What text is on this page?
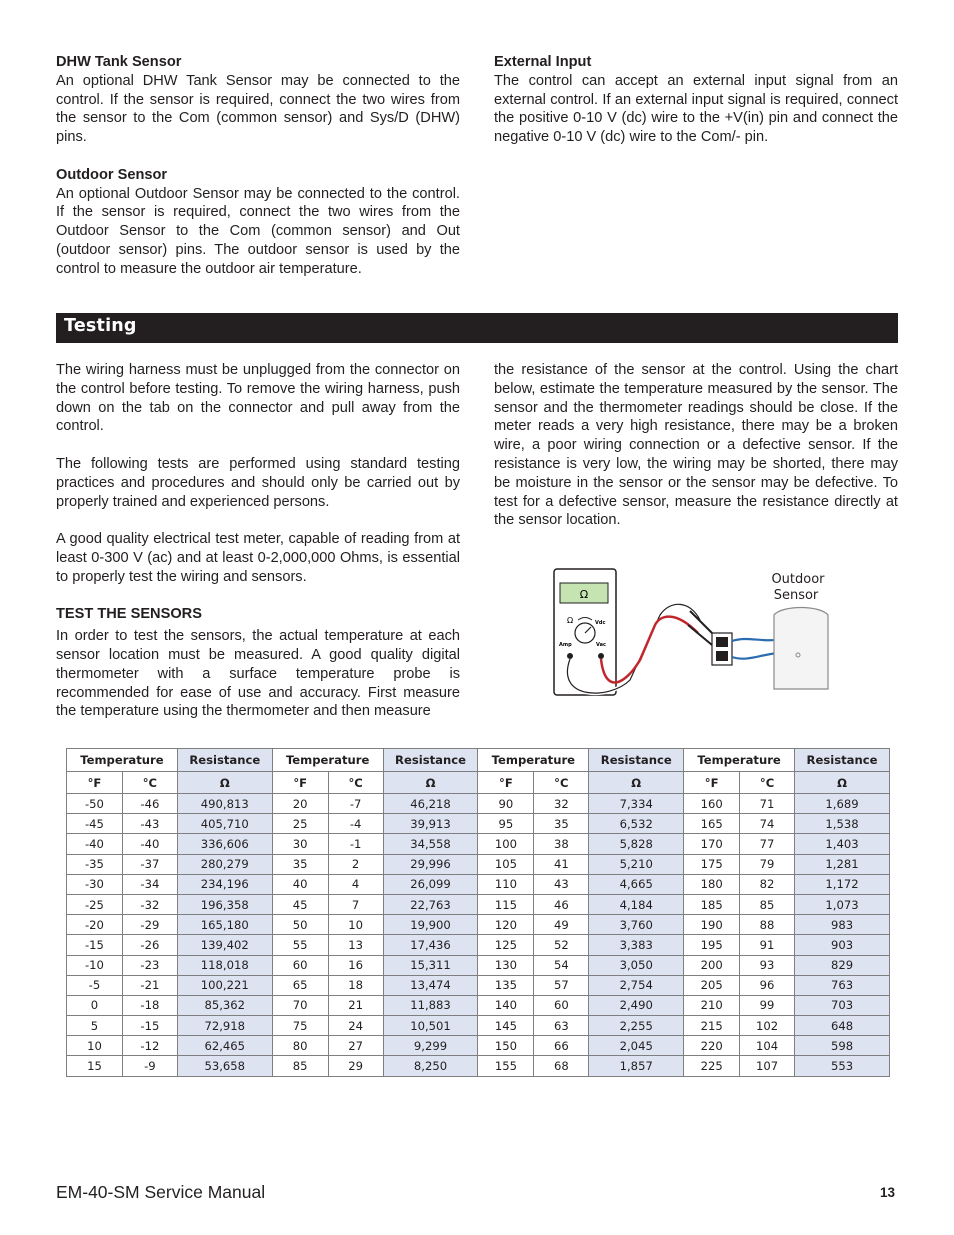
DHW Tank Sensor

An optional DHW Tank Sensor may be connected to the control. If the sensor is required, connect the two wires from the sensor to the Com (common sensor) and Sys/D (DHW) pins.

Outdoor Sensor

An optional Outdoor Sensor may be connected to the control. If the sensor is required, connect the two wires from the Outdoor Sensor to the Com (common sensor) and Out (outdoor sensor) pins. The outdoor sensor is used by the control to measure the outdoor air temperature.

External Input

The control can accept an external input signal from an external control. If an external input signal is required, connect the positive 0-10 V (dc) wire to the +V(in) pin and connect the negative 0-10 V (dc) wire to the Com/- pin.

Testing

The wiring harness must be unplugged from the connector on the control before testing. To remove the wiring harness, push down on the tab on the connector and pull away from the control.

The following tests are performed using standard testing practices and procedures and should only be carried out by properly trained and experienced persons.

A good quality electrical test meter, capable of reading from at least 0-300 V (ac) and at least 0-2,000,000 Ohms, is essential to properly test the wiring and sensors.

TEST THE SENSORS

In order to test the sensors, the actual temperature at each sensor location must be measured. A good quality digital thermometer with a surface temperature probe is recommended for ease of use and accuracy. First measure the temperature using the thermometer and then measure

the resistance of the sensor at the control. Using the chart below, estimate the temperature measured by the sensor. The sensor and the thermometer readings should be close. If the meter reads a very high resistance, there may be a broken wire, a poor wiring connection or a defective sensor. If the resistance is very low, the wiring may be shorted, there may be moisture in the sensor or the sensor may be defective. To test for a defective sensor, measure the resistance directly at the sensor location.

Ω
Ω	Vdc
Amp	Vac
Outdoor
Sensor
Temperature		Resistance	Temperature		Resistance	Temperature		Resistance	Temperature		Resistance
°F	°C	Ω	°F	°C	Ω	°F	°C	Ω	°F	°C	Ω
-50	-46	490,813	20	-7	46,218	90	32	7,334	160	71	1,689
-45	-43	405,710	25	-4	39,913	95	35	6,532	165	74	1,538
-40	-40	336,606	30	-1	34,558	100	38	5,828	170	77	1,403
-35	-37	280,279	35	2	29,996	105	41	5,210	175	79	1,281
-30	-34	234,196	40	4	26,099	110	43	4,665	180	82	1,172
-25	-32	196,358	45	7	22,763	115	46	4,184	185	85	1,073
-20	-29	165,180	50	10	19,900	120	49	3,760	190	88	983
-15	-26	139,402	55	13	17,436	125	52	3,383	195	91	903
-10	-23	118,018	60	16	15,311	130	54	3,050	200	93	829
-5	-21	100,221	65	18	13,474	135	57	2,754	205	96	763
0	-18	85,362	70	21	11,883	140	60	2,490	210	99	703
5	-15	72,918	75	24	10,501	145	63	2,255	215	102	648
10	-12	62,465	80	27	9,299	150	66	2,045	220	104	598
15	-9	53,658	85	29	8,250	155	68	1,857	225	107	553
EM-40-SM Service Manual	13
